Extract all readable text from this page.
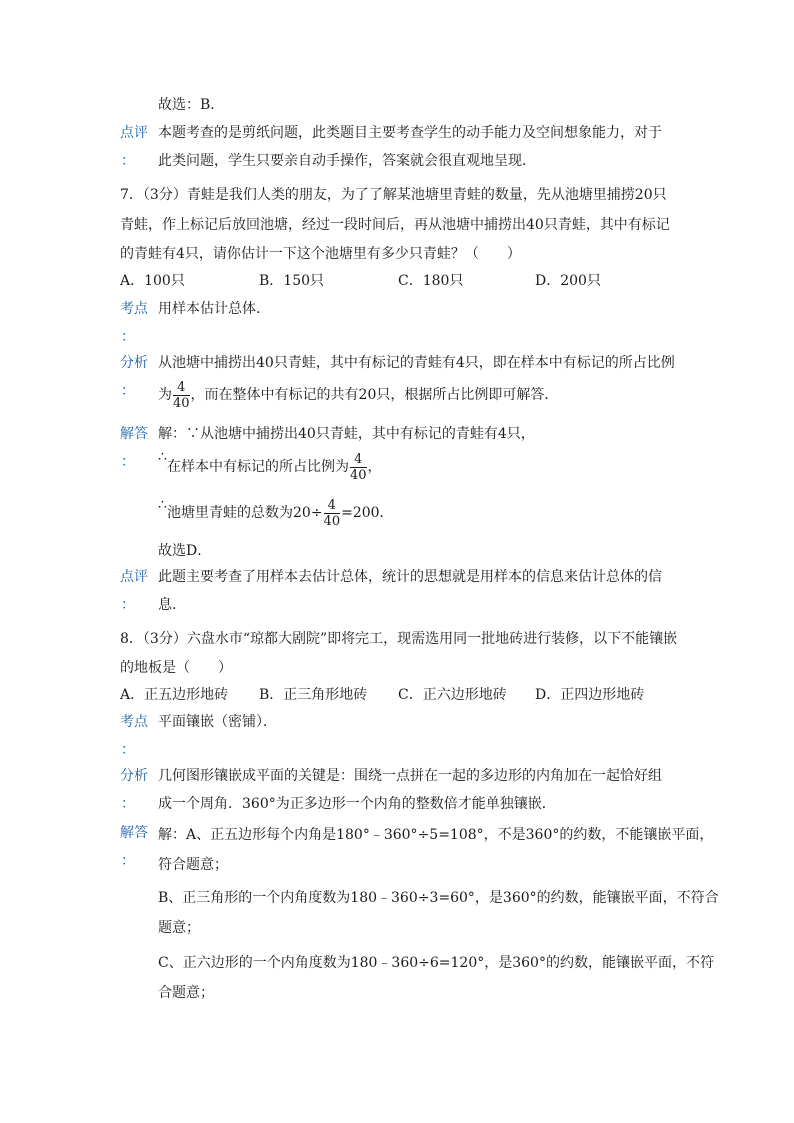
故选：B．
点评 本题考查的是剪纸问题，此类题目主要考查学生的动手能力及空间想象能力，对于
： 此类问题，学生只要亲自动手操作，答案就会很直观地呈现．
7．（3分）青蛙是我们人类的朋友，为了了解某池塘里青蛙的数量，先从池塘里捕捞20只
青蛙，作上标记后放回池塘，经过一段时间后，再从池塘中捕捞出40只青蛙，其中有标记
的青蛙有4只，请你估计一下这个池塘里有多少只青蛙？（　　）
A．100只	B．150只	C．180只	D．200只
考点 用样本估计总体．
：
分析 从池塘中捕捞出40只青蛙，其中有标记的青蛙有4只，即在样本中有标记的所占比例
： 为 $\frac{4}{40}$ ，而在整体中有标记的共有20只，根据所占比例即可解答．
解答 解：∵从池塘中捕捞出40只青蛙，其中有标记的青蛙有4只，
： ∴
在样本中有标记的所占比例为 $\frac{4}{40}$ ，
∴ 池塘里青蛙的总数为$20\div \frac{4}{40} =200$．
故选D．
点评 此题主要考查了用样本去估计总体，统计的思想就是用样本的信息来估计总体的信
： 息．
8．（3分）六盘水市“琼都大剧院”即将完工，现需选用同一批地砖进行装修，以下不能镶嵌
的地板是（　　）
A．正五边形地砖 B．正三角形地砖 C．正六边形地砖 D．正四边形地砖
考点 平面镶嵌（密铺）．
：
分析 几何图形镶嵌成平面的关键是：围绕一点拼在一起的多边形的内角加在一起恰好组
： 成一个周角．360°为正多边形一个内角的整数倍才能单独镶嵌．
解答 解：A、正五边形每个内角是180°﹣360°÷5=108°，不是360°的约数，不能镶嵌平面，
： 符合题意；
B、正三角形的一个内角度数为180﹣360÷3=60°，是360°的约数，能镶嵌平面，不符合
题意；
C、正六边形的一个内角度数为180﹣360÷6=120°，是360°的约数，能镶嵌平面，不符
合题意；
